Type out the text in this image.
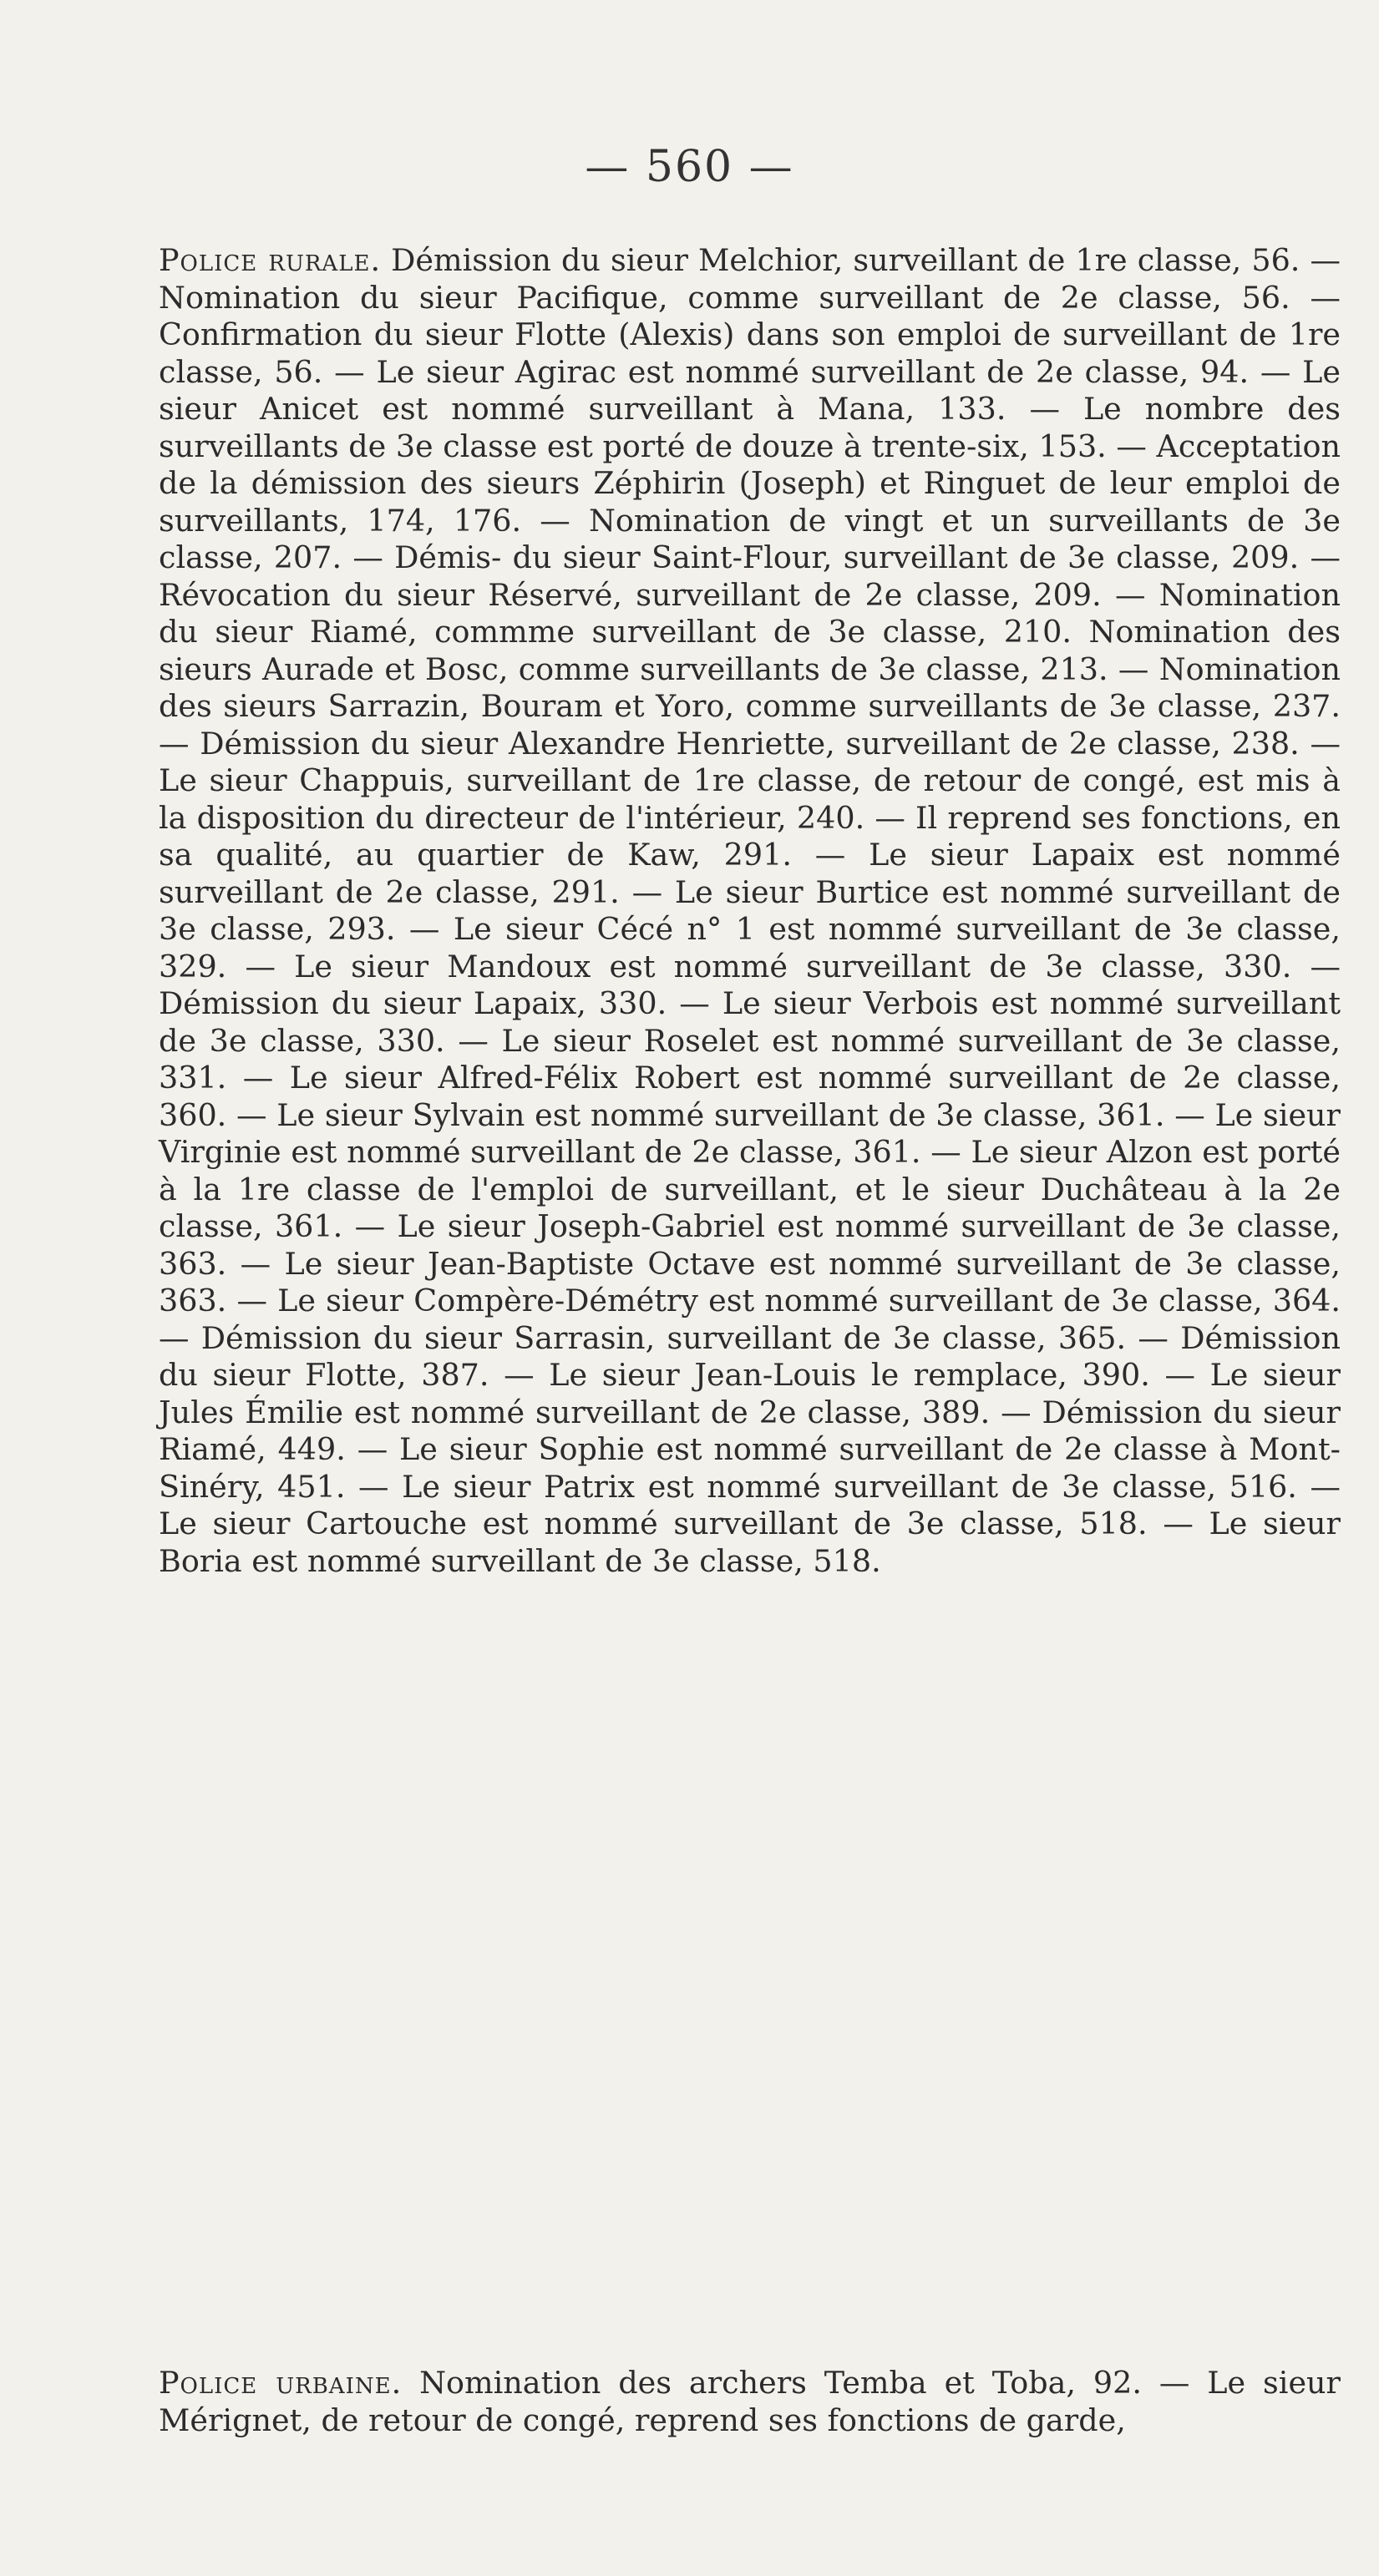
— 560 —

Police rurale. Démission du sieur Melchior, surveillant de 1re classe, 56. — Nomination du sieur Pacifique, comme surveillant de 2e classe, 56. — Confirmation du sieur Flotte (Alexis) dans son emploi de surveillant de 1re classe, 56. — Le sieur Agirac est nommé surveillant de 2e classe, 94. — Le sieur Anicet est nommé surveillant à Mana, 133. — Le nombre des surveillants de 3e classe est porté de douze à trente-six, 153. — Acceptation de la démission des sieurs Zéphirin (Joseph) et Ringuet de leur emploi de surveillants, 174, 176. — Nomination de vingt et un surveillants de 3e classe, 207. — Démis- du sieur Saint-Flour, surveillant de 3e classe, 209. — Révocation du sieur Réservé, surveillant de 2e classe, 209. — Nomination du sieur Riamé, commme surveillant de 3e classe, 210. Nomination des sieurs Aurade et Bosc, comme surveillants de 3e classe, 213. — Nomination des sieurs Sarrazin, Bouram et Yoro, comme surveillants de 3e classe, 237. — Démission du sieur Alexandre Henriette, surveillant de 2e classe, 238. — Le sieur Chappuis, surveillant de 1re classe, de retour de congé, est mis à la disposition du directeur de l'intérieur, 240. — Il reprend ses fonctions, en sa qualité, au quartier de Kaw, 291. — Le sieur Lapaix est nommé surveillant de 2e classe, 291. — Le sieur Burtice est nommé surveillant de 3e classe, 293. — Le sieur Cécé n° 1 est nommé surveillant de 3e classe, 329. — Le sieur Mandoux est nommé surveillant de 3e classe, 330. — Démission du sieur Lapaix, 330. — Le sieur Verbois est nommé surveillant de 3e classe, 330. — Le sieur Roselet est nommé surveillant de 3e classe, 331. — Le sieur Alfred-Félix Robert est nommé surveillant de 2e classe, 360. — Le sieur Sylvain est nommé surveillant de 3e classe, 361. — Le sieur Virginie est nommé surveillant de 2e classe, 361. — Le sieur Alzon est porté à la 1re classe de l'emploi de surveillant, et le sieur Duchâteau à la 2e classe, 361. — Le sieur Joseph-Gabriel est nommé surveillant de 3e classe, 363. — Le sieur Jean-Baptiste Octave est nommé surveillant de 3e classe, 363. — Le sieur Compère-Démétry est nommé surveillant de 3e classe, 364. — Démission du sieur Sarrasin, surveillant de 3e classe, 365. — Démission du sieur Flotte, 387. — Le sieur Jean-Louis le remplace, 390. — Le sieur Jules Émilie est nommé surveillant de 2e classe, 389. — Démission du sieur Riamé, 449. — Le sieur Sophie est nommé surveillant de 2e classe à Mont-Sinéry, 451. — Le sieur Patrix est nommé surveillant de 3e classe, 516. — Le sieur Cartouche est nommé surveillant de 3e classe, 518. — Le sieur Boria est nommé surveillant de 3e classe, 518.

Police urbaine. Nomination des archers Temba et Toba, 92. — Le sieur Mérignet, de retour de congé, reprend ses fonctions de garde,
